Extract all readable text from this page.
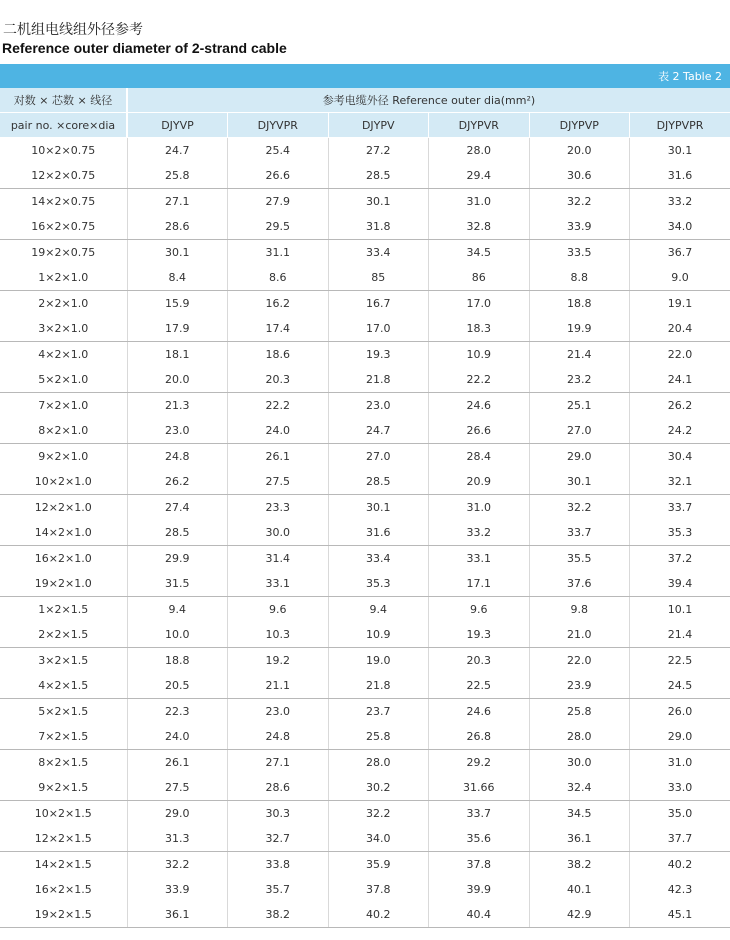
二机组电线组外径参考
Reference outer diameter of 2-strand cable
表 2 Table 2
对数 × 芯数 × 线径	参考电缆外径 Reference outer dia(mm²)					
pair no. ×core×dia	DJYVP	DJYVPR	DJYPV	DJYPVR	DJYPVP	DJYPVPR
10×2×0.75	24.7	25.4	27.2	28.0	20.0	30.1
12×2×0.75	25.8	26.6	28.5	29.4	30.6	31.6
14×2×0.75	27.1	27.9	30.1	31.0	32.2	33.2
16×2×0.75	28.6	29.5	31.8	32.8	33.9	34.0
19×2×0.75	30.1	31.1	33.4	34.5	33.5	36.7
1×2×1.0	8.4	8.6	85	86	8.8	9.0
2×2×1.0	15.9	16.2	16.7	17.0	18.8	19.1
3×2×1.0	17.9	17.4	17.0	18.3	19.9	20.4
4×2×1.0	18.1	18.6	19.3	10.9	21.4	22.0
5×2×1.0	20.0	20.3	21.8	22.2	23.2	24.1
7×2×1.0	21.3	22.2	23.0	24.6	25.1	26.2
8×2×1.0	23.0	24.0	24.7	26.6	27.0	24.2
9×2×1.0	24.8	26.1	27.0	28.4	29.0	30.4
10×2×1.0	26.2	27.5	28.5	20.9	30.1	32.1
12×2×1.0	27.4	23.3	30.1	31.0	32.2	33.7
14×2×1.0	28.5	30.0	31.6	33.2	33.7	35.3
16×2×1.0	29.9	31.4	33.4	33.1	35.5	37.2
19×2×1.0	31.5	33.1	35.3	17.1	37.6	39.4
1×2×1.5	9.4	9.6	9.4	9.6	9.8	10.1
2×2×1.5	10.0	10.3	10.9	19.3	21.0	21.4
3×2×1.5	18.8	19.2	19.0	20.3	22.0	22.5
4×2×1.5	20.5	21.1	21.8	22.5	23.9	24.5
5×2×1.5	22.3	23.0	23.7	24.6	25.8	26.0
7×2×1.5	24.0	24.8	25.8	26.8	28.0	29.0
8×2×1.5	26.1	27.1	28.0	29.2	30.0	31.0
9×2×1.5	27.5	28.6	30.2	31.66	32.4	33.0
10×2×1.5	29.0	30.3	32.2	33.7	34.5	35.0
12×2×1.5	31.3	32.7	34.0	35.6	36.1	37.7
14×2×1.5	32.2	33.8	35.9	37.8	38.2	40.2
16×2×1.5	33.9	35.7	37.8	39.9	40.1	42.3
19×2×1.5	36.1	38.2	40.2	40.4	42.9	45.1
